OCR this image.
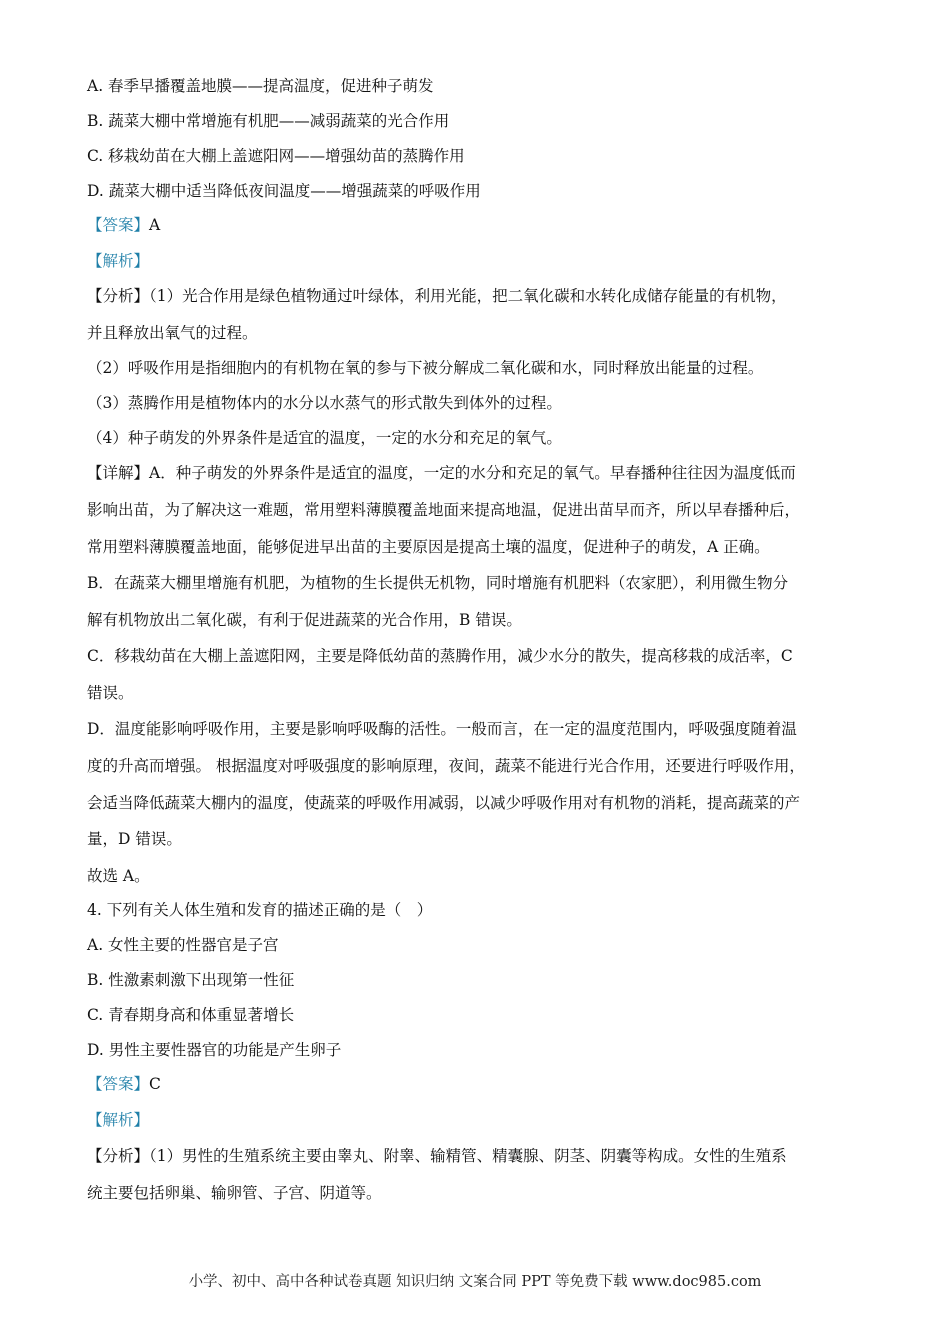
A. 春季早播覆盖地膜——提高温度，促进种子萌发
B. 蔬菜大棚中常增施有机肥——减弱蔬菜的光合作用
C. 移栽幼苗在大棚上盖遮阳网——增强幼苗的蒸腾作用
D. 蔬菜大棚中适当降低夜间温度——增强蔬菜的呼吸作用
【答案】A
【解析】
【分析】（1）光合作用是绿色植物通过叶绿体，利用光能，把二氧化碳和水转化成储存能量的有机物，
并且释放出氧气的过程。
（2）呼吸作用是指细胞内的有机物在氧的参与下被分解成二氧化碳和水，同时释放出能量的过程。
（3）蒸腾作用是植物体内的水分以水蒸气的形式散失到体外的过程。
（4）种子萌发的外界条件是适宜的温度，一定的水分和充足的氧气。
【详解】A．种子萌发的外界条件是适宜的温度，一定的水分和充足的氧气。早春播种往往因为温度低而
影响出苗，为了解决这一难题，常用塑料薄膜覆盖地面来提高地温，促进出苗早而齐，所以早春播种后，
常用塑料薄膜覆盖地面，能够促进早出苗的主要原因是提高土壤的温度，促进种子的萌发，A 正确。
B．在蔬菜大棚里增施有机肥，为植物的生长提供无机物，同时增施有机肥料（农家肥），利用微生物分
解有机物放出二氧化碳，有利于促进蔬菜的光合作用，B 错误。
C．移栽幼苗在大棚上盖遮阳网，主要是降低幼苗的蒸腾作用，减少水分的散失，提高移栽的成活率，C
错误。
D．温度能影响呼吸作用，主要是影响呼吸酶的活性。一般而言，在一定的温度范围内，呼吸强度随着温
度的升高而增强。 根据温度对呼吸强度的影响原理，夜间，蔬菜不能进行光合作用，还要进行呼吸作用，
会适当降低蔬菜大棚内的温度，使蔬菜的呼吸作用减弱，以减少呼吸作用对有机物的消耗，提高蔬菜的产
量，D 错误。
故选 A。
4. 下列有关人体生殖和发育的描述正确的是（　）
A. 女性主要的性器官是子宫
B. 性激素刺激下出现第一性征
C. 青春期身高和体重显著增长
D. 男性主要性器官的功能是产生卵子
【答案】C
【解析】
【分析】（1）男性的生殖系统主要由睾丸、附睾、输精管、精囊腺、阴茎、阴囊等构成。女性的生殖系
统主要包括卵巢、输卵管、子宫、阴道等。
小学、初中、高中各种试卷真题 知识归纳 文案合同 PPT 等免费下载 www.doc985.com
